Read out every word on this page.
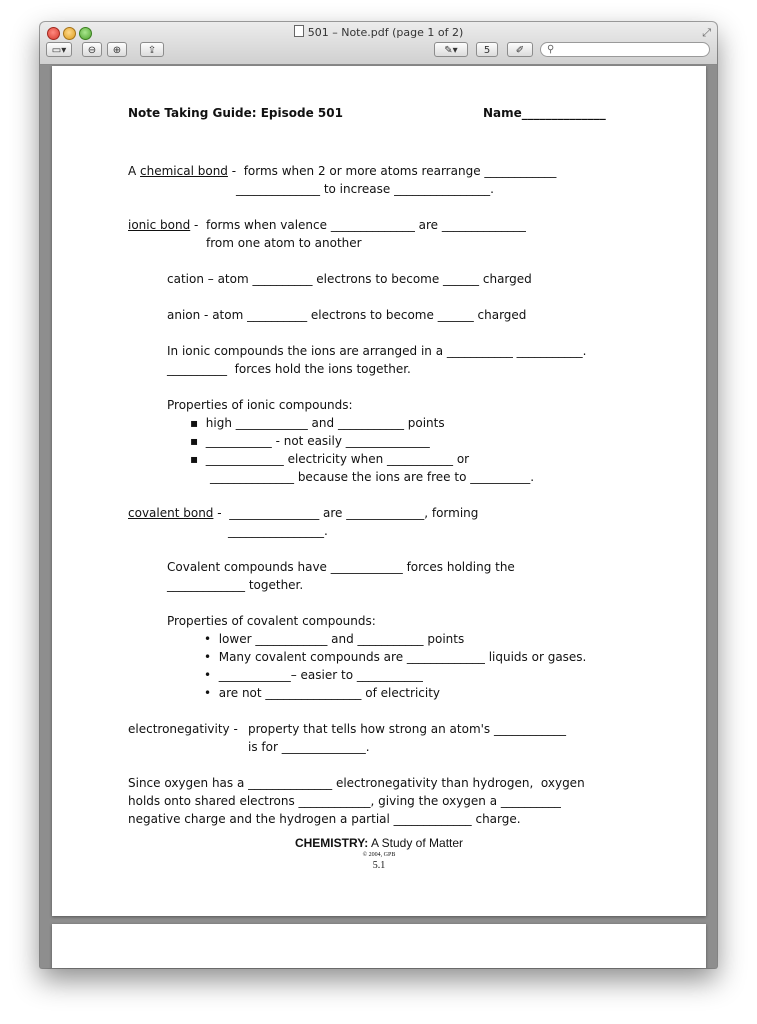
501 – Note.pdf (page 1 of 2)	⤢
▭▾	⊖	⊕	⇪	✎▾	5	✐	⚲
Note Taking Guide: Episode 501	Name______________
A chemical bond -  forms when 2 or more atoms rearrange ____________
______________ to increase ________________.
ionic bond -  forms when valence ______________ are ______________
from one atom to another
cation – atom __________ electrons to become ______ charged
anion - atom __________ electrons to become ______ charged
In ionic compounds the ions are arranged in a ___________ ___________.
__________  forces hold the ions together.
Properties of ionic compounds:
▪  high ____________ and ___________ points
▪  ___________ - not easily ______________
▪  _____________ electricity when ___________ or
______________ because the ions are free to __________.
covalent bond -  _______________ are _____________, forming
________________.
Covalent compounds have ____________ forces holding the
_____________ together.
Properties of covalent compounds:
•  lower ____________ and ___________ points
•  Many covalent compounds are _____________ liquids or gases.
•  ____________– easier to ___________
•  are not ________________ of electricity
electronegativity - property that tells how strong an atom's ____________
is for ______________.
Since oxygen has a ______________ electronegativity than hydrogen,  oxygen
holds onto shared electrons ____________, giving the oxygen a __________
negative charge and the hydrogen a partial _____________ charge.
CHEMISTRY: A Study of Matter
© 2004, GPB
5.1
